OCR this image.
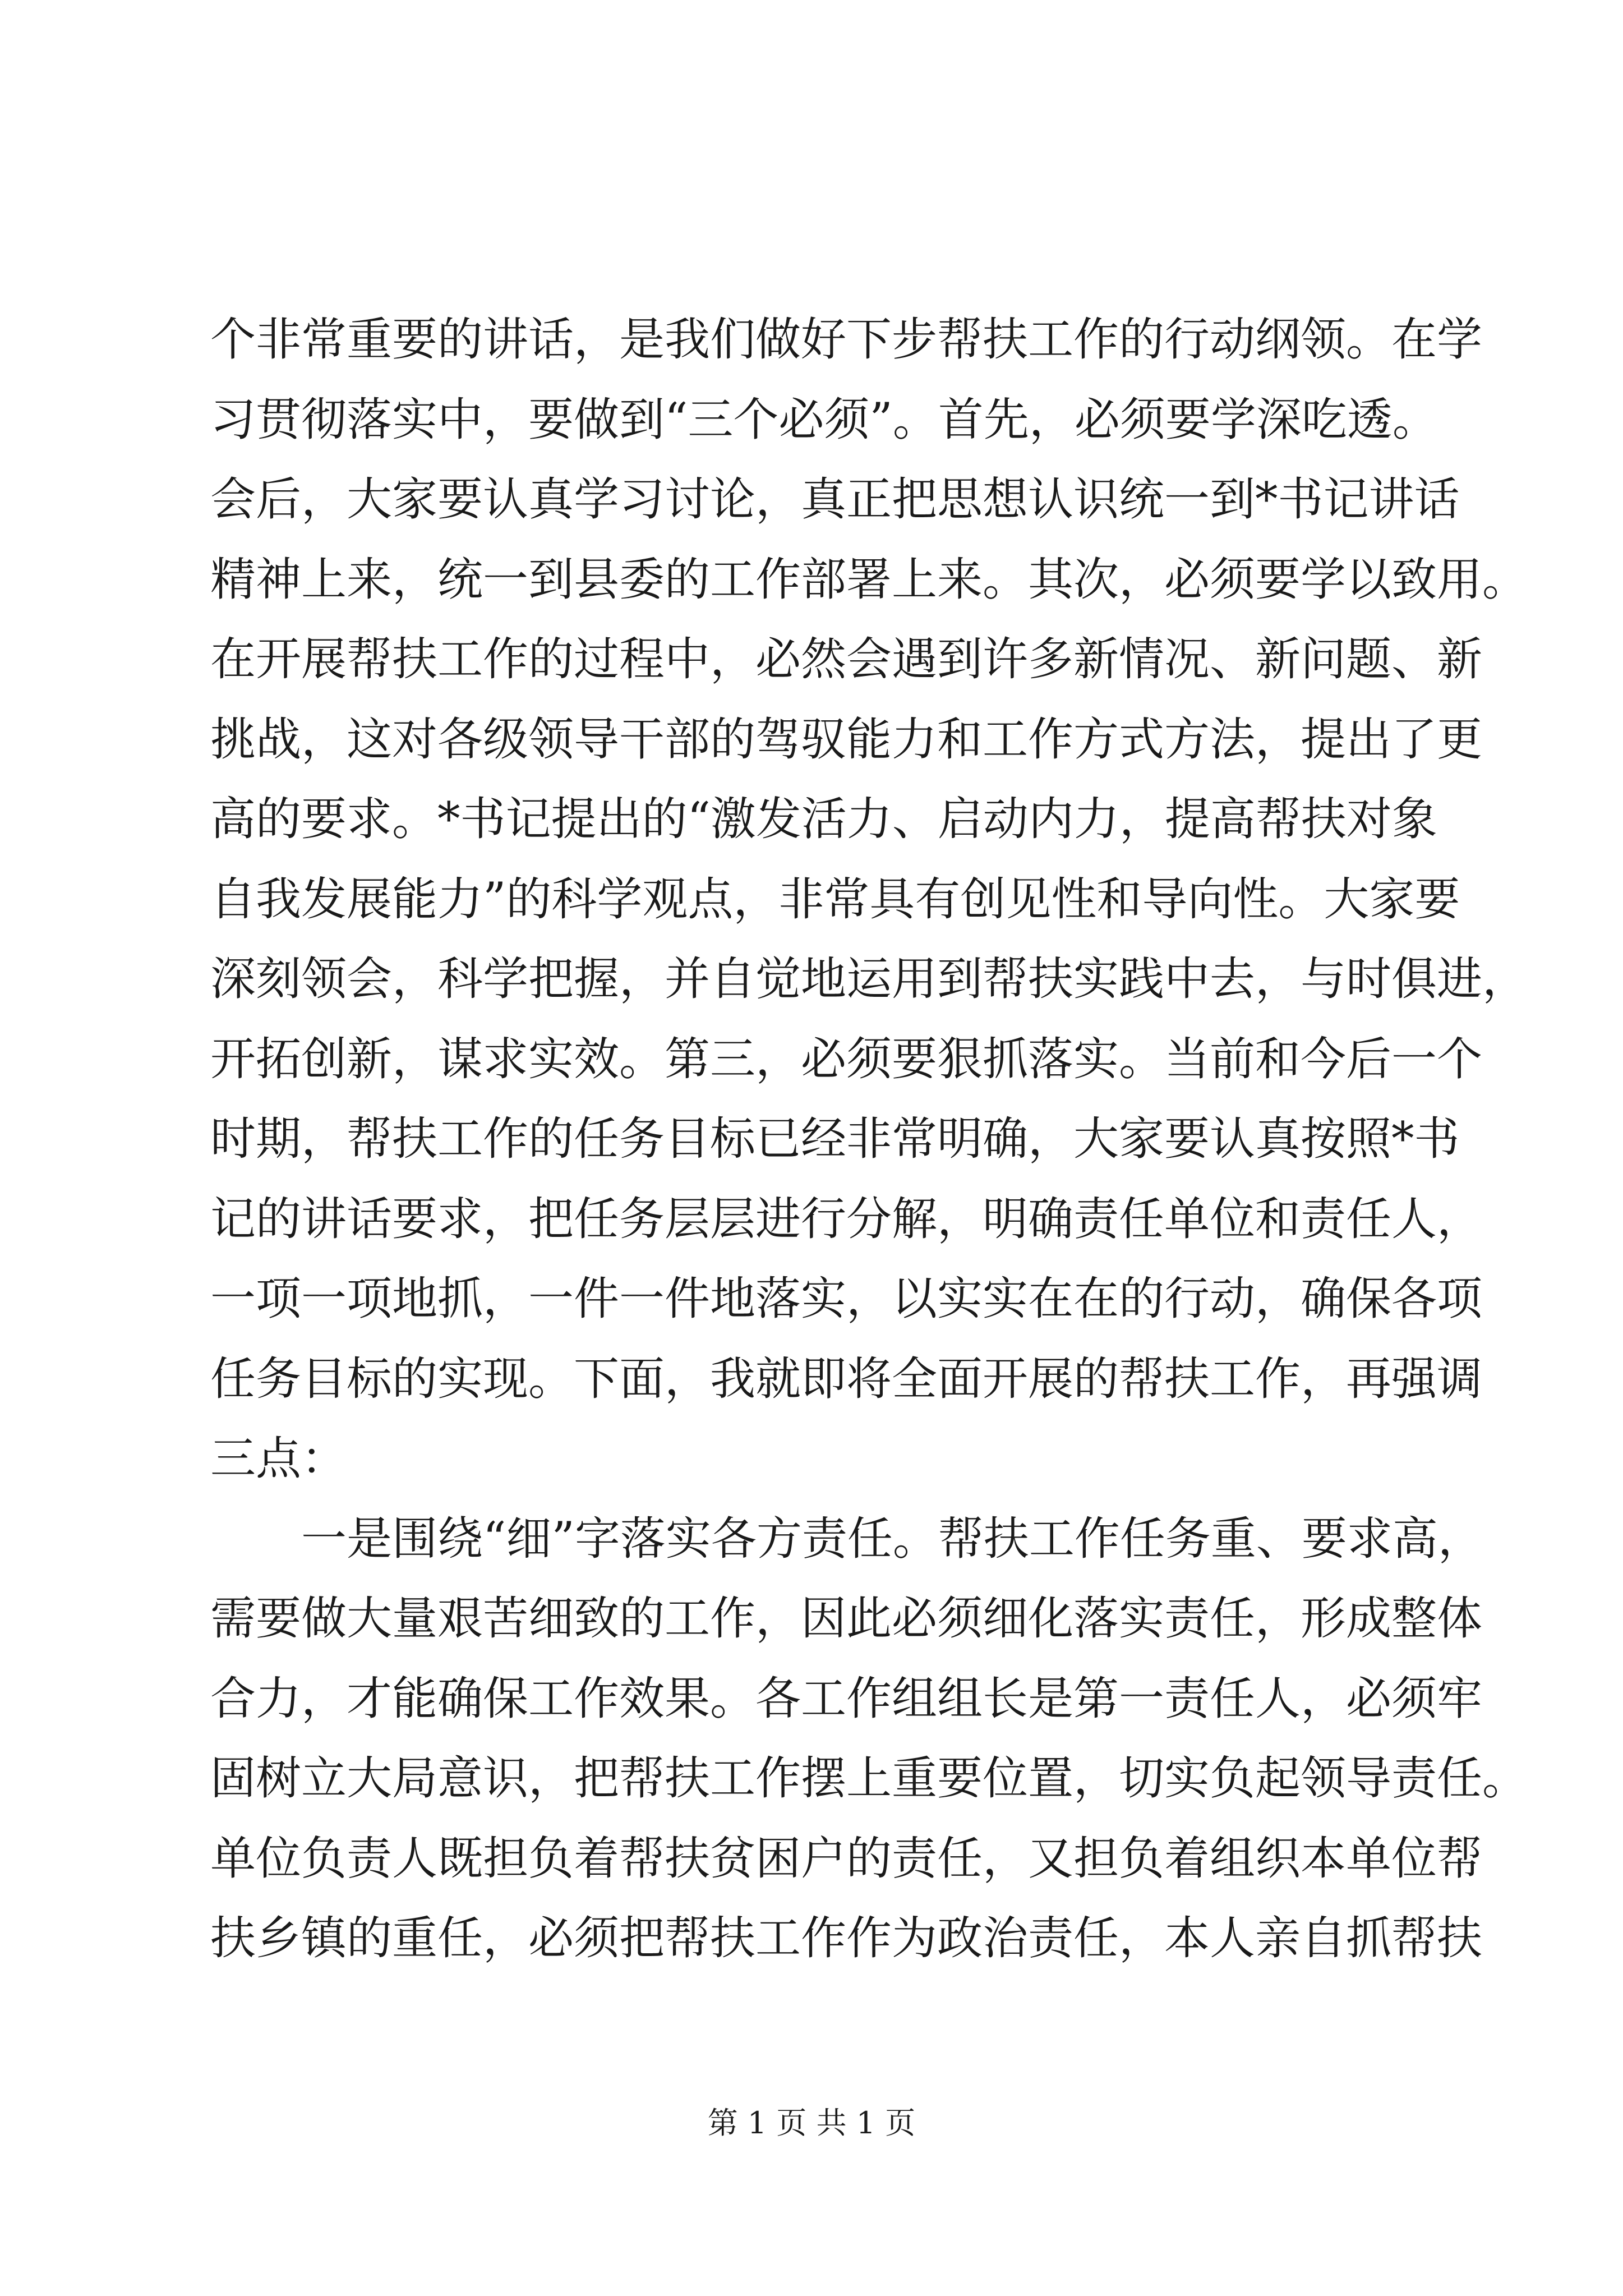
个非常重要的讲话，是我们做好下步帮扶工作的行动纲领。在学
习贯彻落实中，要做到“三个必须”。首先，必须要学深吃透。
会后，大家要认真学习讨论，真正把思想认识统一到*书记讲话
精神上来，统一到县委的工作部署上来。其次，必须要学以致用。
在开展帮扶工作的过程中，必然会遇到许多新情况、新问题、新
挑战，这对各级领导干部的驾驭能力和工作方式方法，提出了更
高的要求。*书记提出的“激发活力、启动内力，提高帮扶对象
自我发展能力”的科学观点，非常具有创见性和导向性。大家要
深刻领会，科学把握，并自觉地运用到帮扶实践中去，与时俱进，
开拓创新，谋求实效。第三，必须要狠抓落实。当前和今后一个
时期，帮扶工作的任务目标已经非常明确，大家要认真按照*书
记的讲话要求，把任务层层进行分解，明确责任单位和责任人，
一项一项地抓，一件一件地落实，以实实在在的行动，确保各项
任务目标的实现。下面，我就即将全面开展的帮扶工作，再强调
三点：
一是围绕“细”字落实各方责任。帮扶工作任务重、要求高，
需要做大量艰苦细致的工作，因此必须细化落实责任，形成整体
合力，才能确保工作效果。各工作组组长是第一责任人，必须牢
固树立大局意识，把帮扶工作摆上重要位置，切实负起领导责任。
单位负责人既担负着帮扶贫困户的责任，又担负着组织本单位帮
扶乡镇的重任，必须把帮扶工作作为政治责任，本人亲自抓帮扶
第 1 页 共 1 页
